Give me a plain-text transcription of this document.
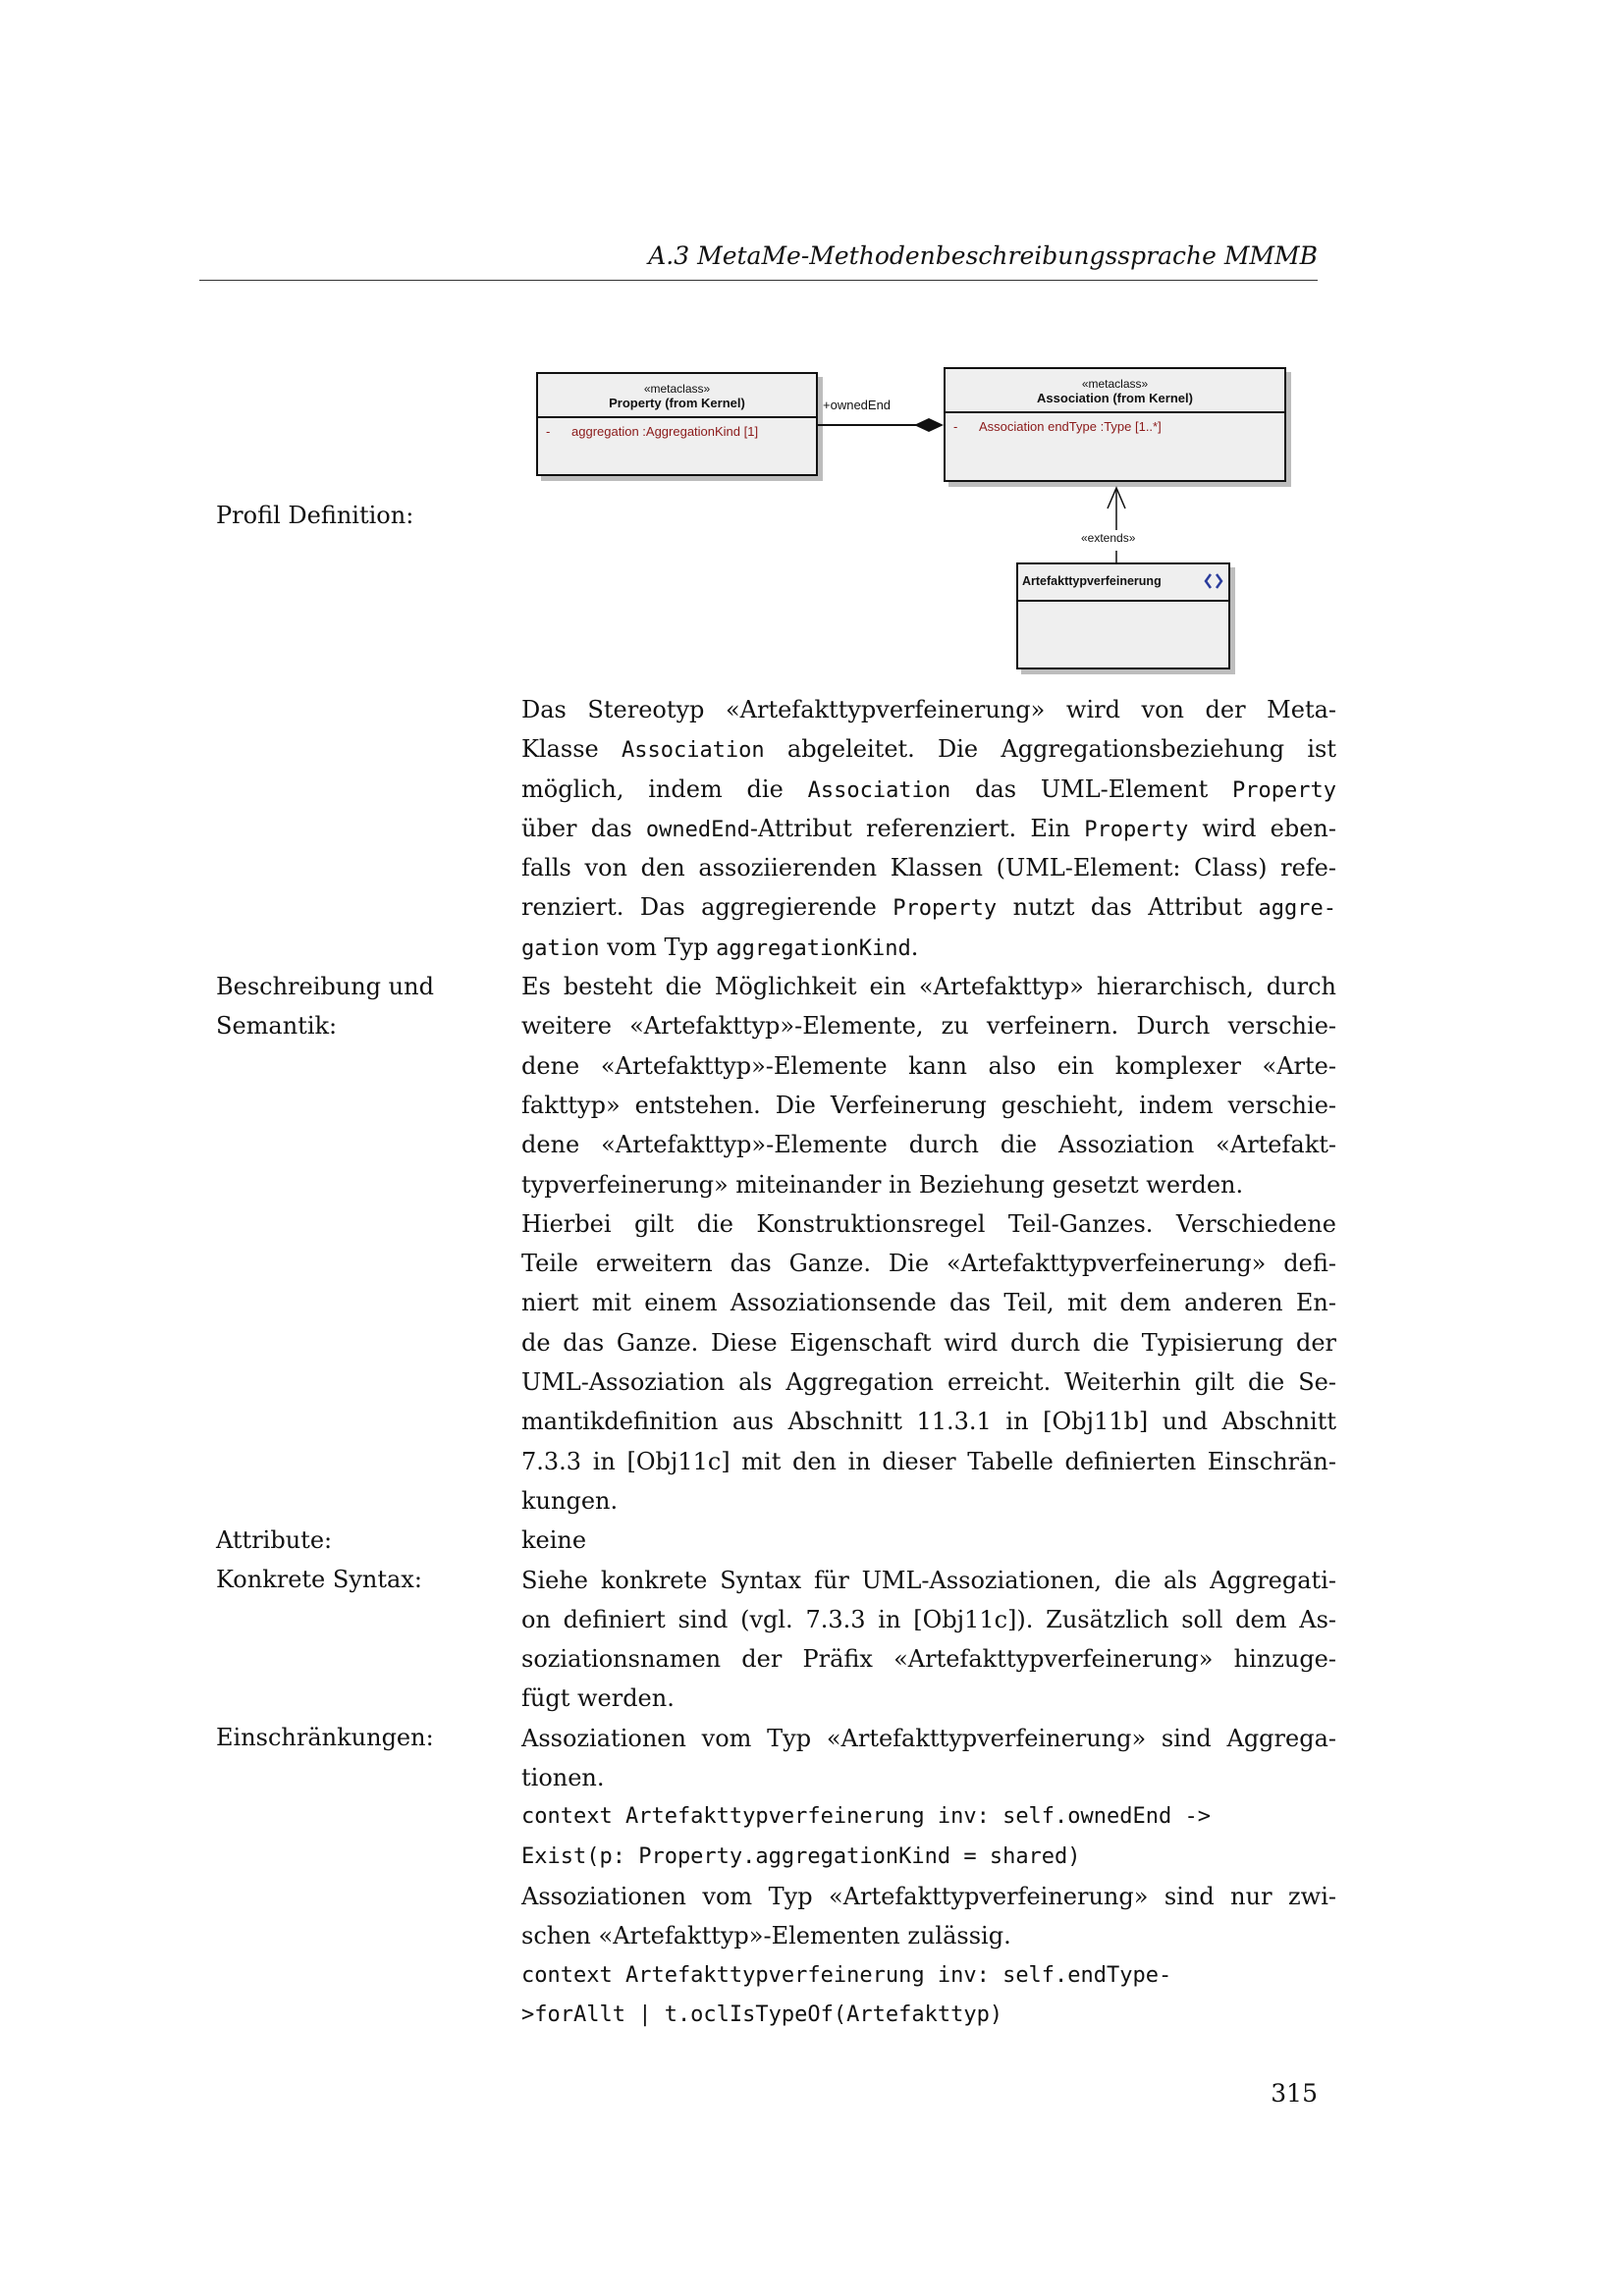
A.3 MetaMe-Methodenbeschreibungssprache MMMB
«metaclass»
Property (from Kernel)
- aggregation :AggregationKind [1]
«metaclass»
Association (from Kernel)
- Association endType :Type [1..*]
Artefakttypverfeinerung
+ownedEnd
«extends»
Profil Definition:
Beschreibung und
Semantik:
Attribute:
Konkrete Syntax:
Einschränkungen:
Das Stereotyp «Artefakttypverfeinerung» wird von der Meta-
Klasse Association abgeleitet. Die Aggregationsbeziehung ist
möglich, indem die Association das UML-Element Property
über das ownedEnd-Attribut referenziert. Ein Property wird eben-
falls von den assoziierenden Klassen (UML-Element: Class) refe-
renziert. Das aggregierende Property nutzt das Attribut aggre-
gation vom Typ aggregationKind.
Es besteht die Möglichkeit ein «Artefakttyp» hierarchisch, durch
weitere «Artefakttyp»-Elemente, zu verfeinern. Durch verschie-
dene «Artefakttyp»-Elemente kann also ein komplexer «Arte-
fakttyp» entstehen. Die Verfeinerung geschieht, indem verschie-
dene «Artefakttyp»-Elemente durch die Assoziation «Artefakt-
typverfeinerung» miteinander in Beziehung gesetzt werden.
Hierbei gilt die Konstruktionsregel Teil-Ganzes. Verschiedene
Teile erweitern das Ganze. Die «Artefakttypverfeinerung» defi-
niert mit einem Assoziationsende das Teil, mit dem anderen En-
de das Ganze. Diese Eigenschaft wird durch die Typisierung der
UML-Assoziation als Aggregation erreicht. Weiterhin gilt die Se-
mantikdefinition aus Abschnitt 11.3.1 in [Obj11b] und Abschnitt
7.3.3 in [Obj11c] mit den in dieser Tabelle definierten Einschrän-
kungen.
keine
Siehe konkrete Syntax für UML-Assoziationen, die als Aggregati-
on definiert sind (vgl. 7.3.3 in [Obj11c]). Zusätzlich soll dem As-
soziationsnamen der Präfix «Artefakttypverfeinerung» hinzuge-
fügt werden.
Assoziationen vom Typ «Artefakttypverfeinerung» sind Aggrega-
tionen.
context Artefakttypverfeinerung inv: self.ownedEnd ->
Exist(p: Property.aggregationKind = shared)
Assoziationen vom Typ «Artefakttypverfeinerung» sind nur zwi-
schen «Artefakttyp»-Elementen zulässig.
context Artefakttypverfeinerung inv: self.endType-
>forAllt | t.oclIsTypeOf(Artefakttyp)
315
